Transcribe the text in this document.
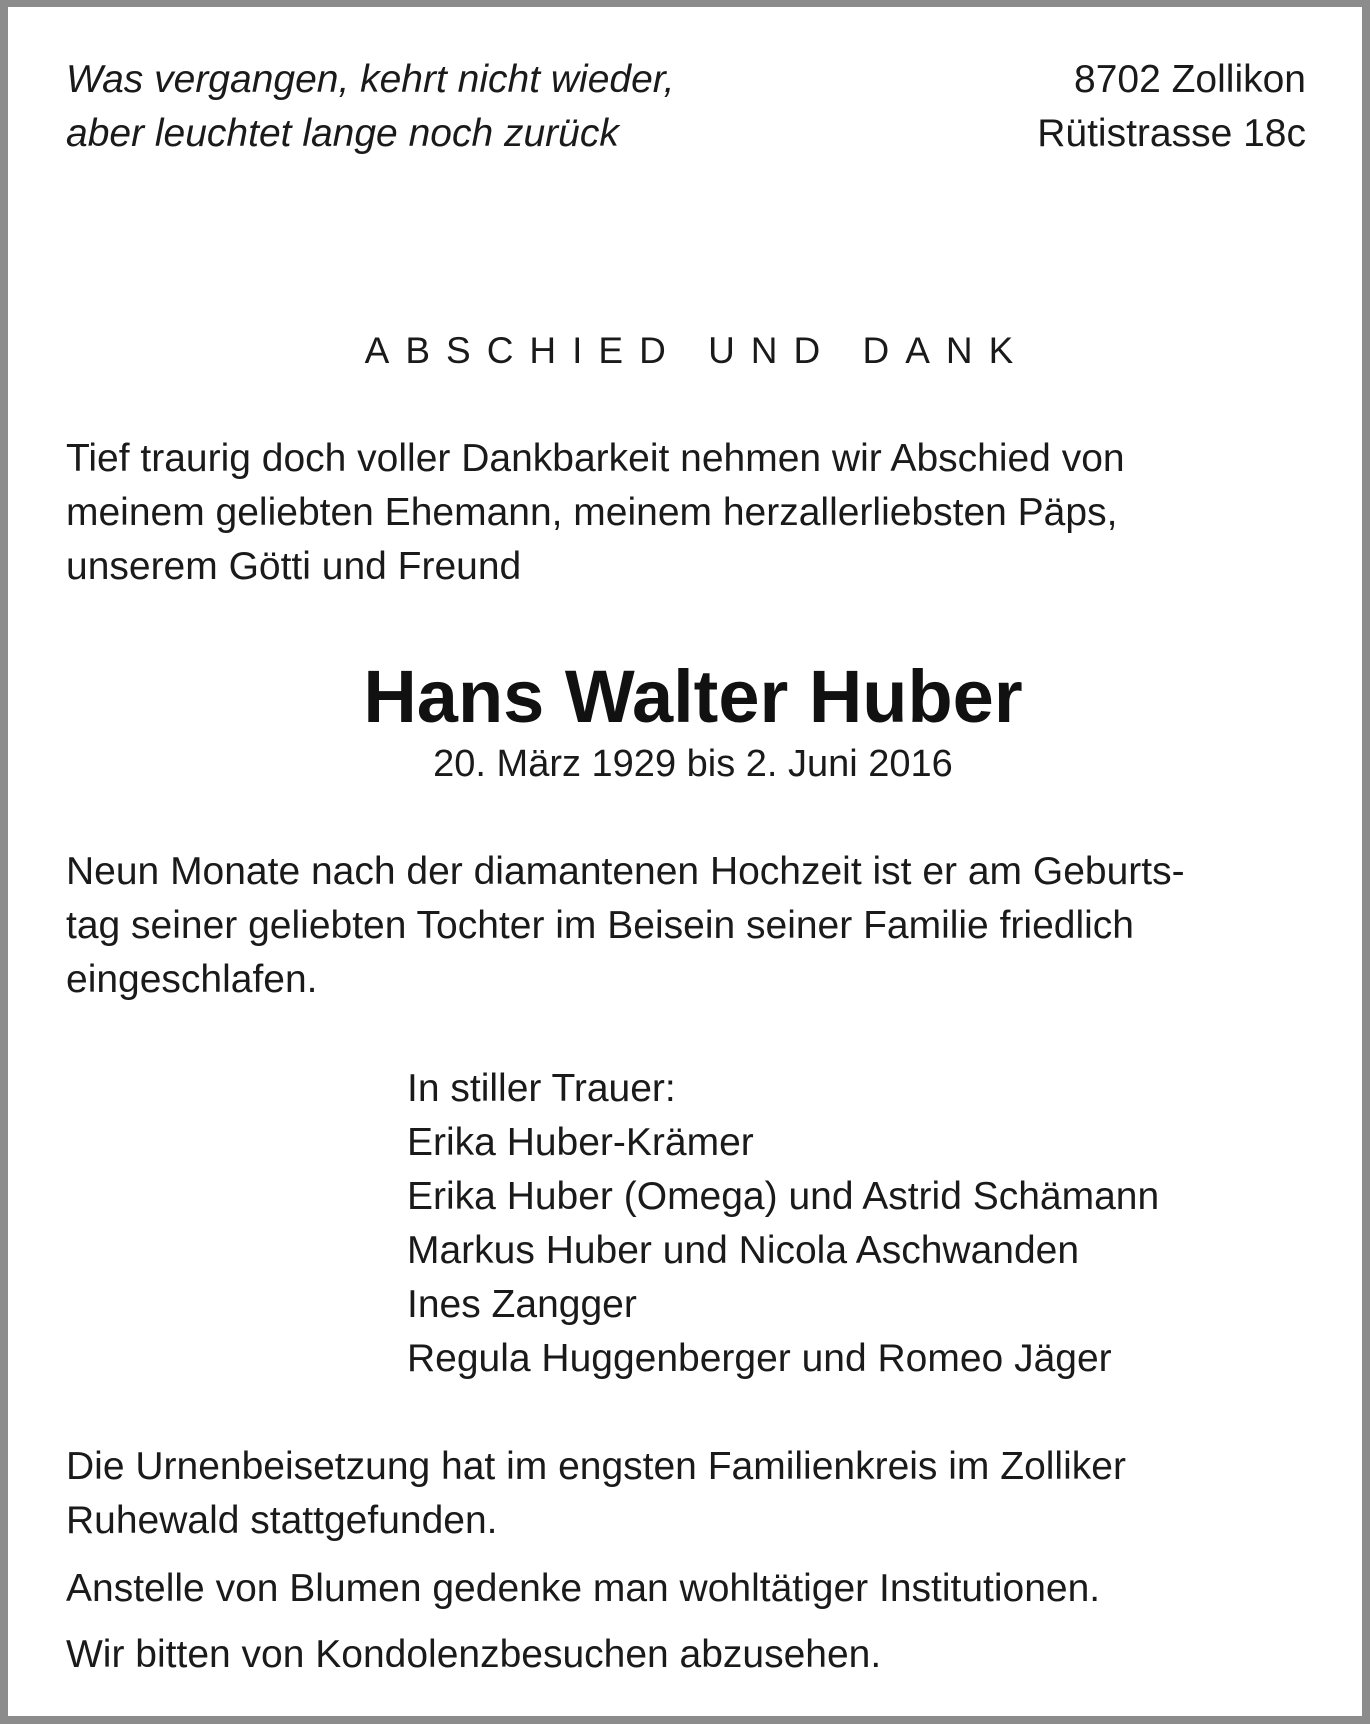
Was vergangen, kehrt nicht wieder,
aber leuchtet lange noch zurück
8702 Zollikon
Rütistrasse 18c
ABSCHIED UND DANK
Tief traurig doch voller Dankbarkeit nehmen wir Abschied von
meinem geliebten Ehemann, meinem herzallerliebsten Päps,
unserem Götti und Freund
Hans Walter Huber
20. März 1929 bis 2. Juni 2016
Neun Monate nach der diamantenen Hochzeit ist er am Geburts-
tag seiner geliebten Tochter im Beisein seiner Familie friedlich
eingeschlafen.
In stiller Trauer:
Erika Huber-Krämer
Erika Huber (Omega) und Astrid Schämann
Markus Huber und Nicola Aschwanden
Ines Zangger
Regula Huggenberger und Romeo Jäger
Die Urnenbeisetzung hat im engsten Familienkreis im Zolliker
Ruhewald stattgefunden.
Anstelle von Blumen gedenke man wohltätiger Institutionen.
Wir bitten von Kondolenzbesuchen abzusehen.
